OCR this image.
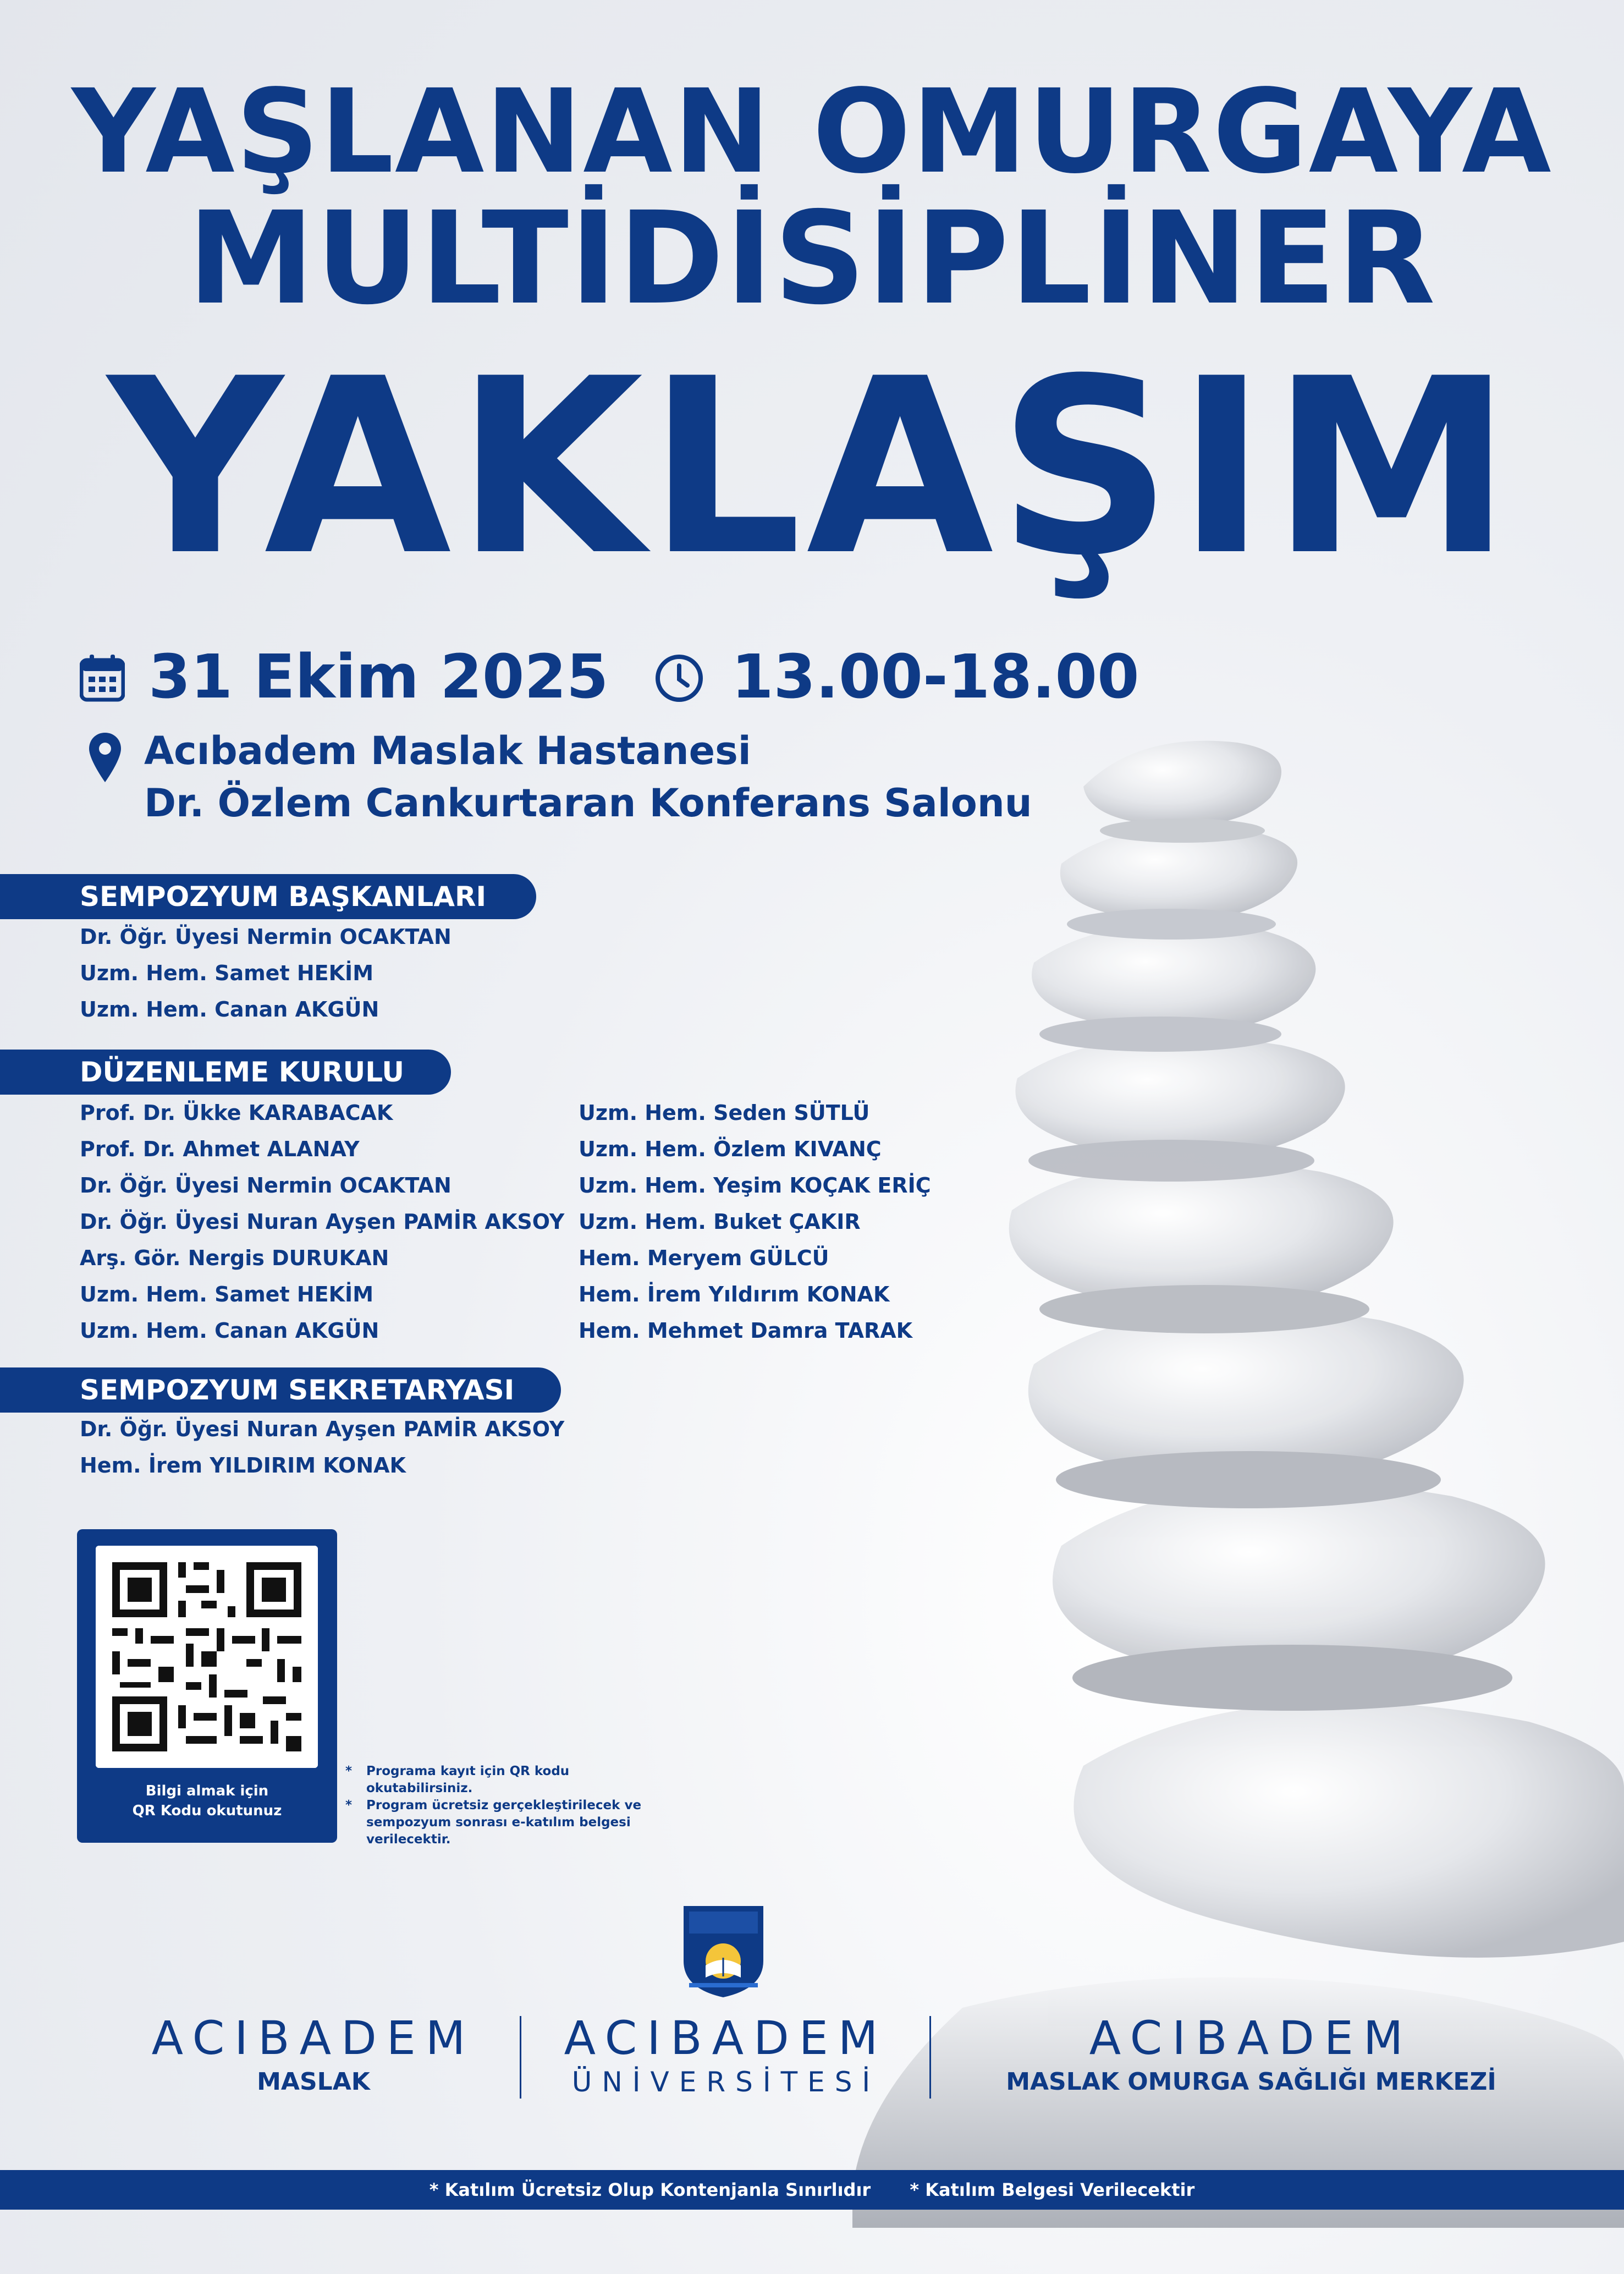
YAŞLANAN OMURGAYA
MULTİDİSİPLİNER
YAKLAŞIM
31 Ekim 2025 13.00-18.00
Acıbadem Maslak Hastanesi
Dr. Özlem Cankurtaran Konferans Salonu
SEMPOZYUM BAŞKANLARI
Dr. Öğr. Üyesi Nermin OCAKTAN
Uzm. Hem. Samet HEKİM
Uzm. Hem. Canan AKGÜN
DÜZENLEME KURULU
Prof. Dr. Ükke KARABACAK
Prof. Dr. Ahmet ALANAY
Dr. Öğr. Üyesi Nermin OCAKTAN
Dr. Öğr. Üyesi Nuran Ayşen PAMİR AKSOY
Arş. Gör. Nergis DURUKAN
Uzm. Hem. Samet HEKİM
Uzm. Hem. Canan AKGÜN
Uzm. Hem. Seden SÜTLÜ
Uzm. Hem. Özlem KIVANÇ
Uzm. Hem. Yeşim KOÇAK ERİÇ
Uzm. Hem. Buket ÇAKIR
Hem. Meryem GÜLCÜ
Hem. İrem Yıldırım KONAK
Hem. Mehmet Damra TARAK
SEMPOZYUM SEKRETARYASI
Dr. Öğr. Üyesi Nuran Ayşen PAMİR AKSOY
Hem. İrem YILDIRIM KONAK
Bilgi almak için
QR Kodu okutunuz
* Programa kayıt için QR kodu okutabilirsiniz.
* Program ücretsiz gerçekleştirilecek ve sempozyum sonrası e-katılım belgesi verilecektir.
ACIBADEM
MASLAK
ACIBADEM
ÜNİVERSİTESİ
ACIBADEM
MASLAK OMURGA SAĞLIĞI MERKEZİ
* Katılım Ücretsiz Olup Kontenjanla Sınırlıdır * Katılım Belgesi Verilecektir
